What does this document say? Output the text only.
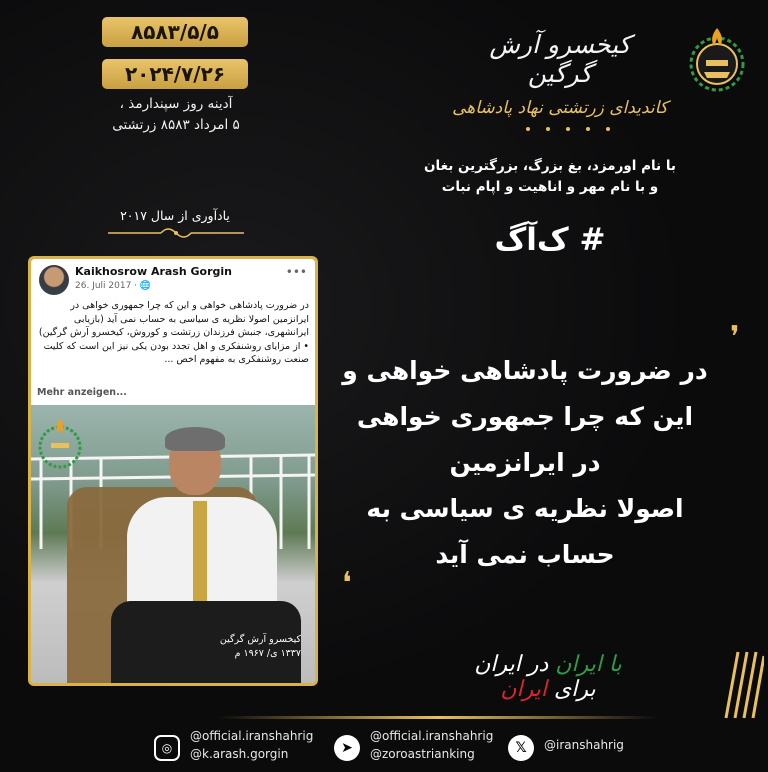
۸۵۸۳/۵/۵
۲۰۲۴/۷/۲۶
آدینه روز سپندارمذ ،
۵ امرداد ۸۵۸۳ زرتشتی
یادآوری از سال ۲۰۱۷
کیخسرو آرش گرگین
کاندیدای زرتشتی نهاد پادشاهی
با نام اورمزد، بغ بزرگ، بزرگترین بغان
و با نام مهر و اناهیت و اپام نبات
# ک‌آگ
❜
در ضرورت پادشاهی خواهی و
این که چرا جمهوری خواهی
در ایرانزمین
اصولا نظریه ی سیاسی به
حساب نمی آید
❛
با ایران در ایران برای ایران
Kaikhosrow Arash Gorgin
26. Juli 2017 · 🌐
•••
در ضرورت پادشاهی خواهی و این که چرا جمهوری خواهی در ایرانزمین اصولا نظریه ی سیاسی به حساب نمی آید (بازیابی ایرانشهری، جنبش فرزندان زرتشت و کوروش، کیخسرو آرش گرگین) • از مزایای روشنفکری و اهل تجدد بودن یکی نیز این است که کلیت صنعت روشنفکری به مفهوم اخص ...
Mehr anzeigen...
کیخسرو آرش گرگین
۱۳۳۷ ی/ ۱۹۶۷ م
◎
@official.iranshahrig
@k.arash.gorgin	➤
@official.iranshahrig
@zoroastrianking	𝕏	@iranshahrig
